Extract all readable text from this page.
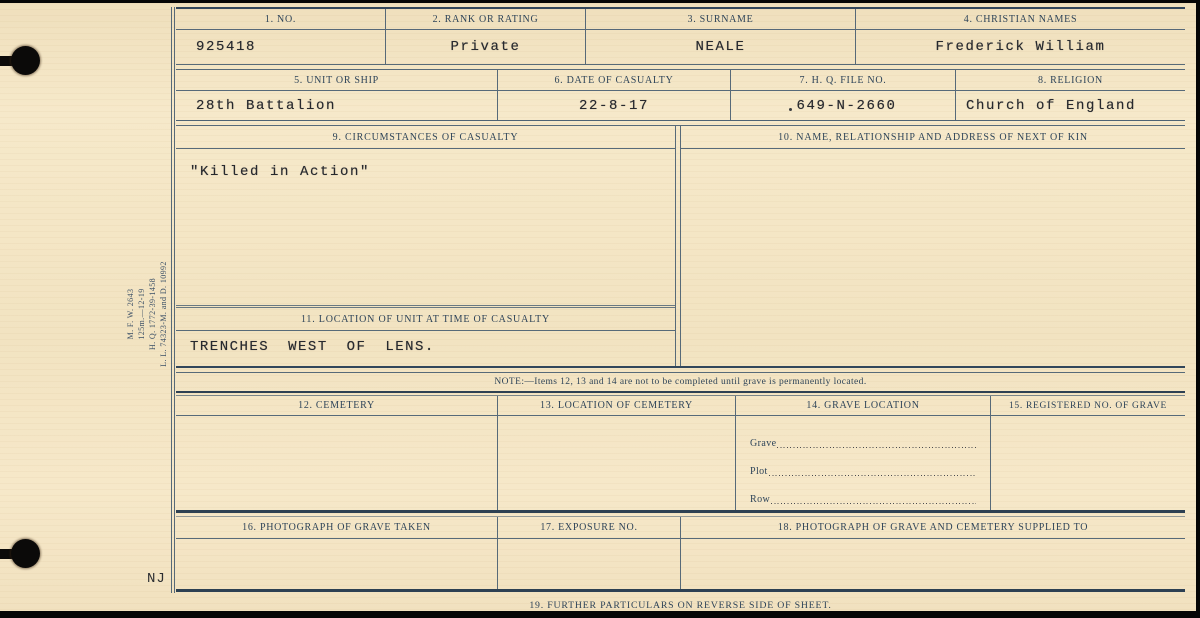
M. F. W. 2643 125m.—12-19 H. Q. 1772-39-1458 L. L. 74323-M. and D. 10992
NJ
1. NO.
925418
2. RANK OR RATING
Private
3. SURNAME
NEALE
4. CHRISTIAN NAMES
Frederick William
5. UNIT OR SHIP
28th Battalion
6. DATE OF CASUALTY
22-8-17
7. H. Q. FILE NO.
649-N-2660
8. RELIGION
Church of England
9. CIRCUMSTANCES OF CASUALTY
"Killed in Action"
11. LOCATION OF UNIT AT TIME OF CASUALTY
TRENCHES WEST OF LENS.
10. NAME, RELATIONSHIP AND ADDRESS OF NEXT OF KIN
NOTE:—Items 12, 13 and 14 are not to be completed until grave is permanently located.
12. CEMETERY	13. LOCATION OF CEMETERY	14. GRAVE LOCATION
Grave
Plot
Row
15. REGISTERED NO. OF GRAVE
16. PHOTOGRAPH OF GRAVE TAKEN	17. EXPOSURE NO.	18. PHOTOGRAPH OF GRAVE AND CEMETERY SUPPLIED TO
19. FURTHER PARTICULARS ON REVERSE SIDE OF SHEET.
